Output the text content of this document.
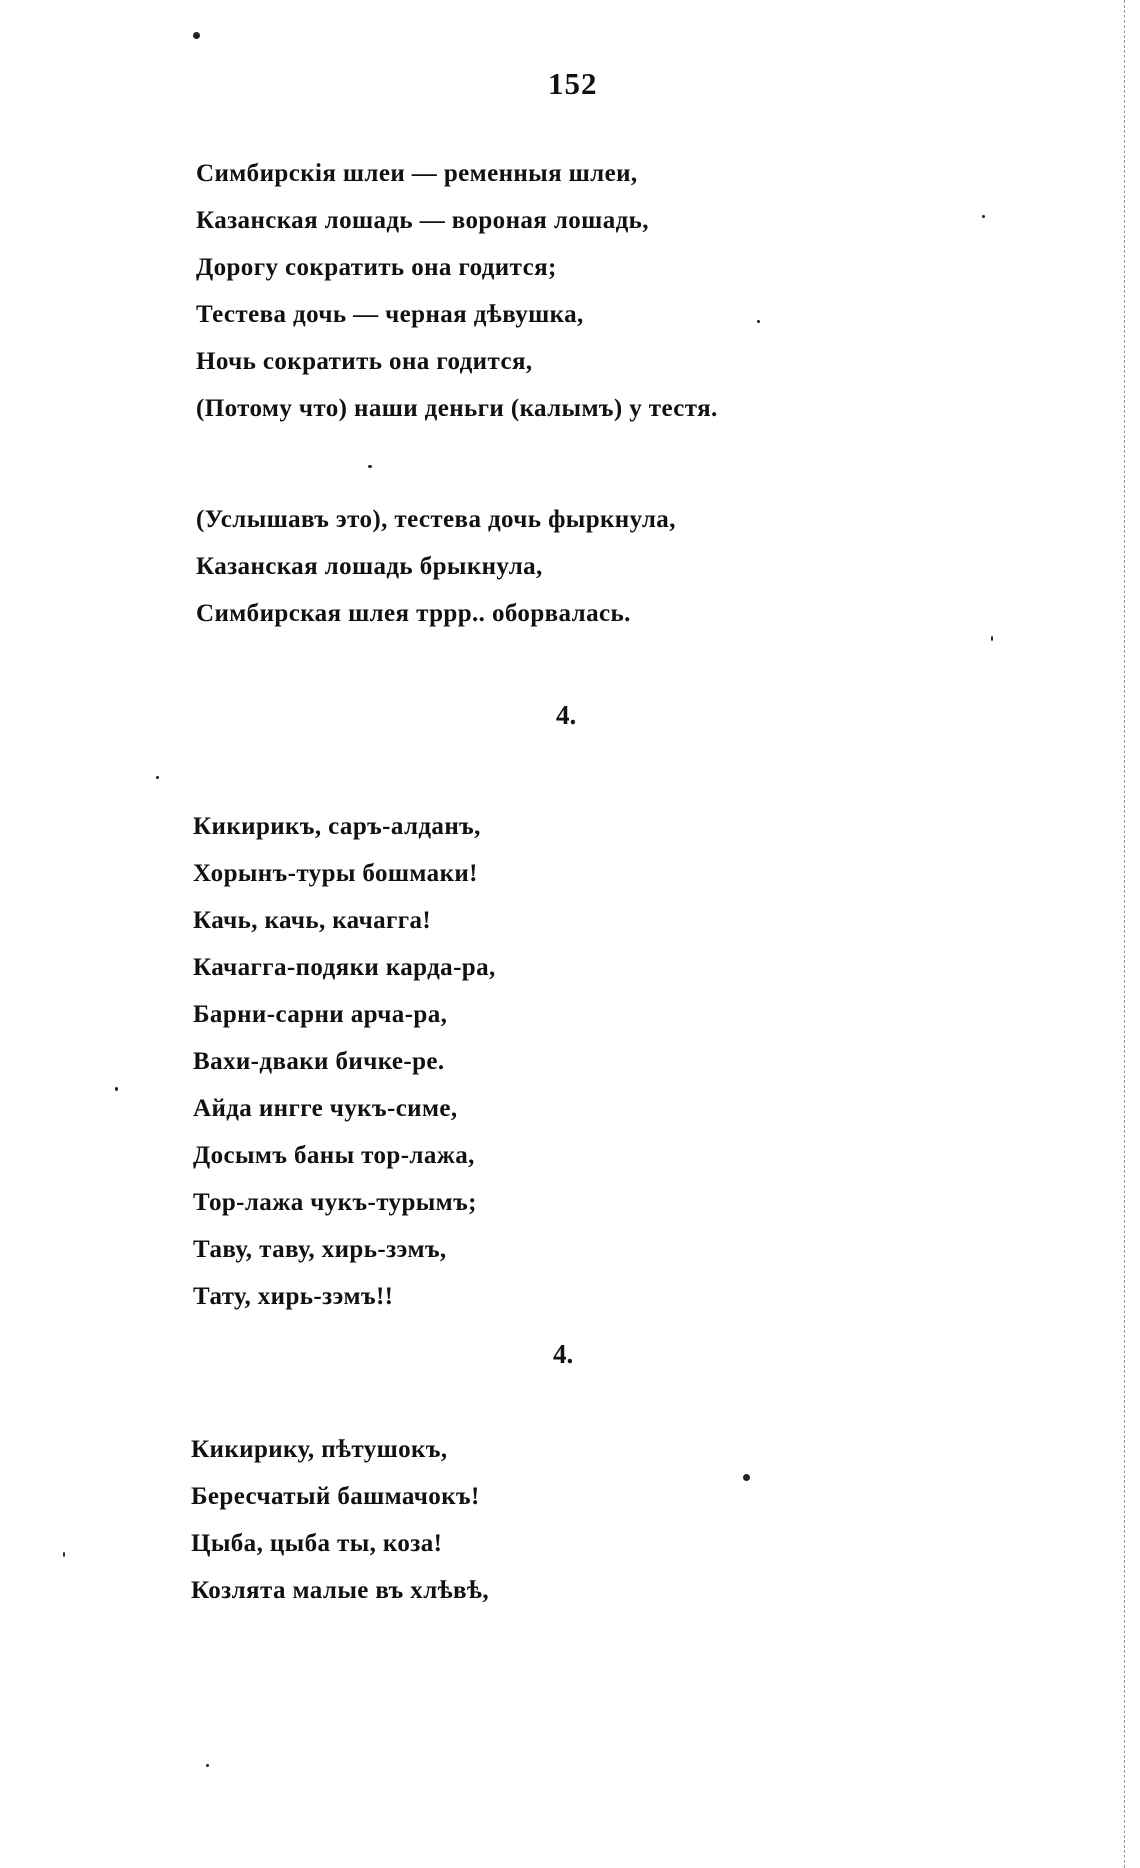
152
Симбирскія шлеи — ременныя шлеи,
Казанская лошадь — вороная лошадь,
Дорогу сократить она годится;
Тестева дочь — черная дѣвушка,
Ночь сократить она годится,
(Потому что) наши деньги (калымъ) у тестя.
(Услышавъ это), тестева дочь фыркнула,
Казанская лошадь брыкнула,
Симбирская шлея тррр.. оборвалась.
4.
Кикирикъ, саръ-алданъ,
Хорынъ-туры бошмаки!
Качь, качь, качагга!
Качагга-подяки карда-ра,
Барни-сарни арча-ра,
Вахи-дваки бичке-ре.
Айда ингге чукъ-симе,
Досымъ баны тор-лажа,
Тор-лажа чукъ-турымъ;
Таву, таву, хирь-зэмъ,
Тату, хирь-зэмъ!!
4.
Кикирику, пѣтушокъ,
Бересчатый башмачокъ!
Цыба, цыба ты, коза!
Козлята малые въ хлѣвѣ,
